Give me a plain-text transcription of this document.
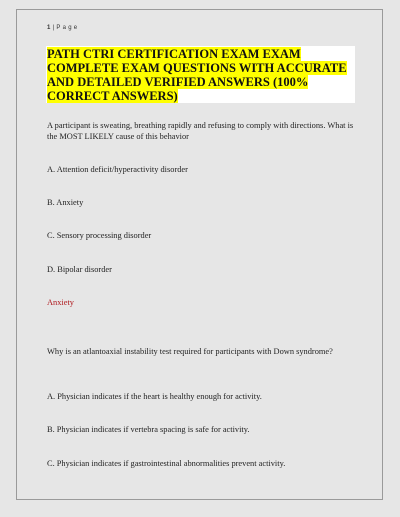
1 | P a g e

PATH CTRI CERTIFICATION EXAM EXAM COMPLETE EXAM QUESTIONS WITH ACCURATE AND DETAILED VERIFIED ANSWERS (100% CORRECT ANSWERS)

A participant is sweating, breathing rapidly and refusing to comply with directions. What is the MOST LIKELY cause of this behavior

A. Attention deficit/hyperactivity disorder

B. Anxiety

C. Sensory processing disorder

D. Bipolar disorder

Anxiety

Why is an atlantoaxial instability test required for participants with Down syndrome?

A. Physician indicates if the heart is healthy enough for activity.

B. Physician indicates if vertebra spacing is safe for activity.

C. Physician indicates if gastrointestinal abnormalities prevent activity.
